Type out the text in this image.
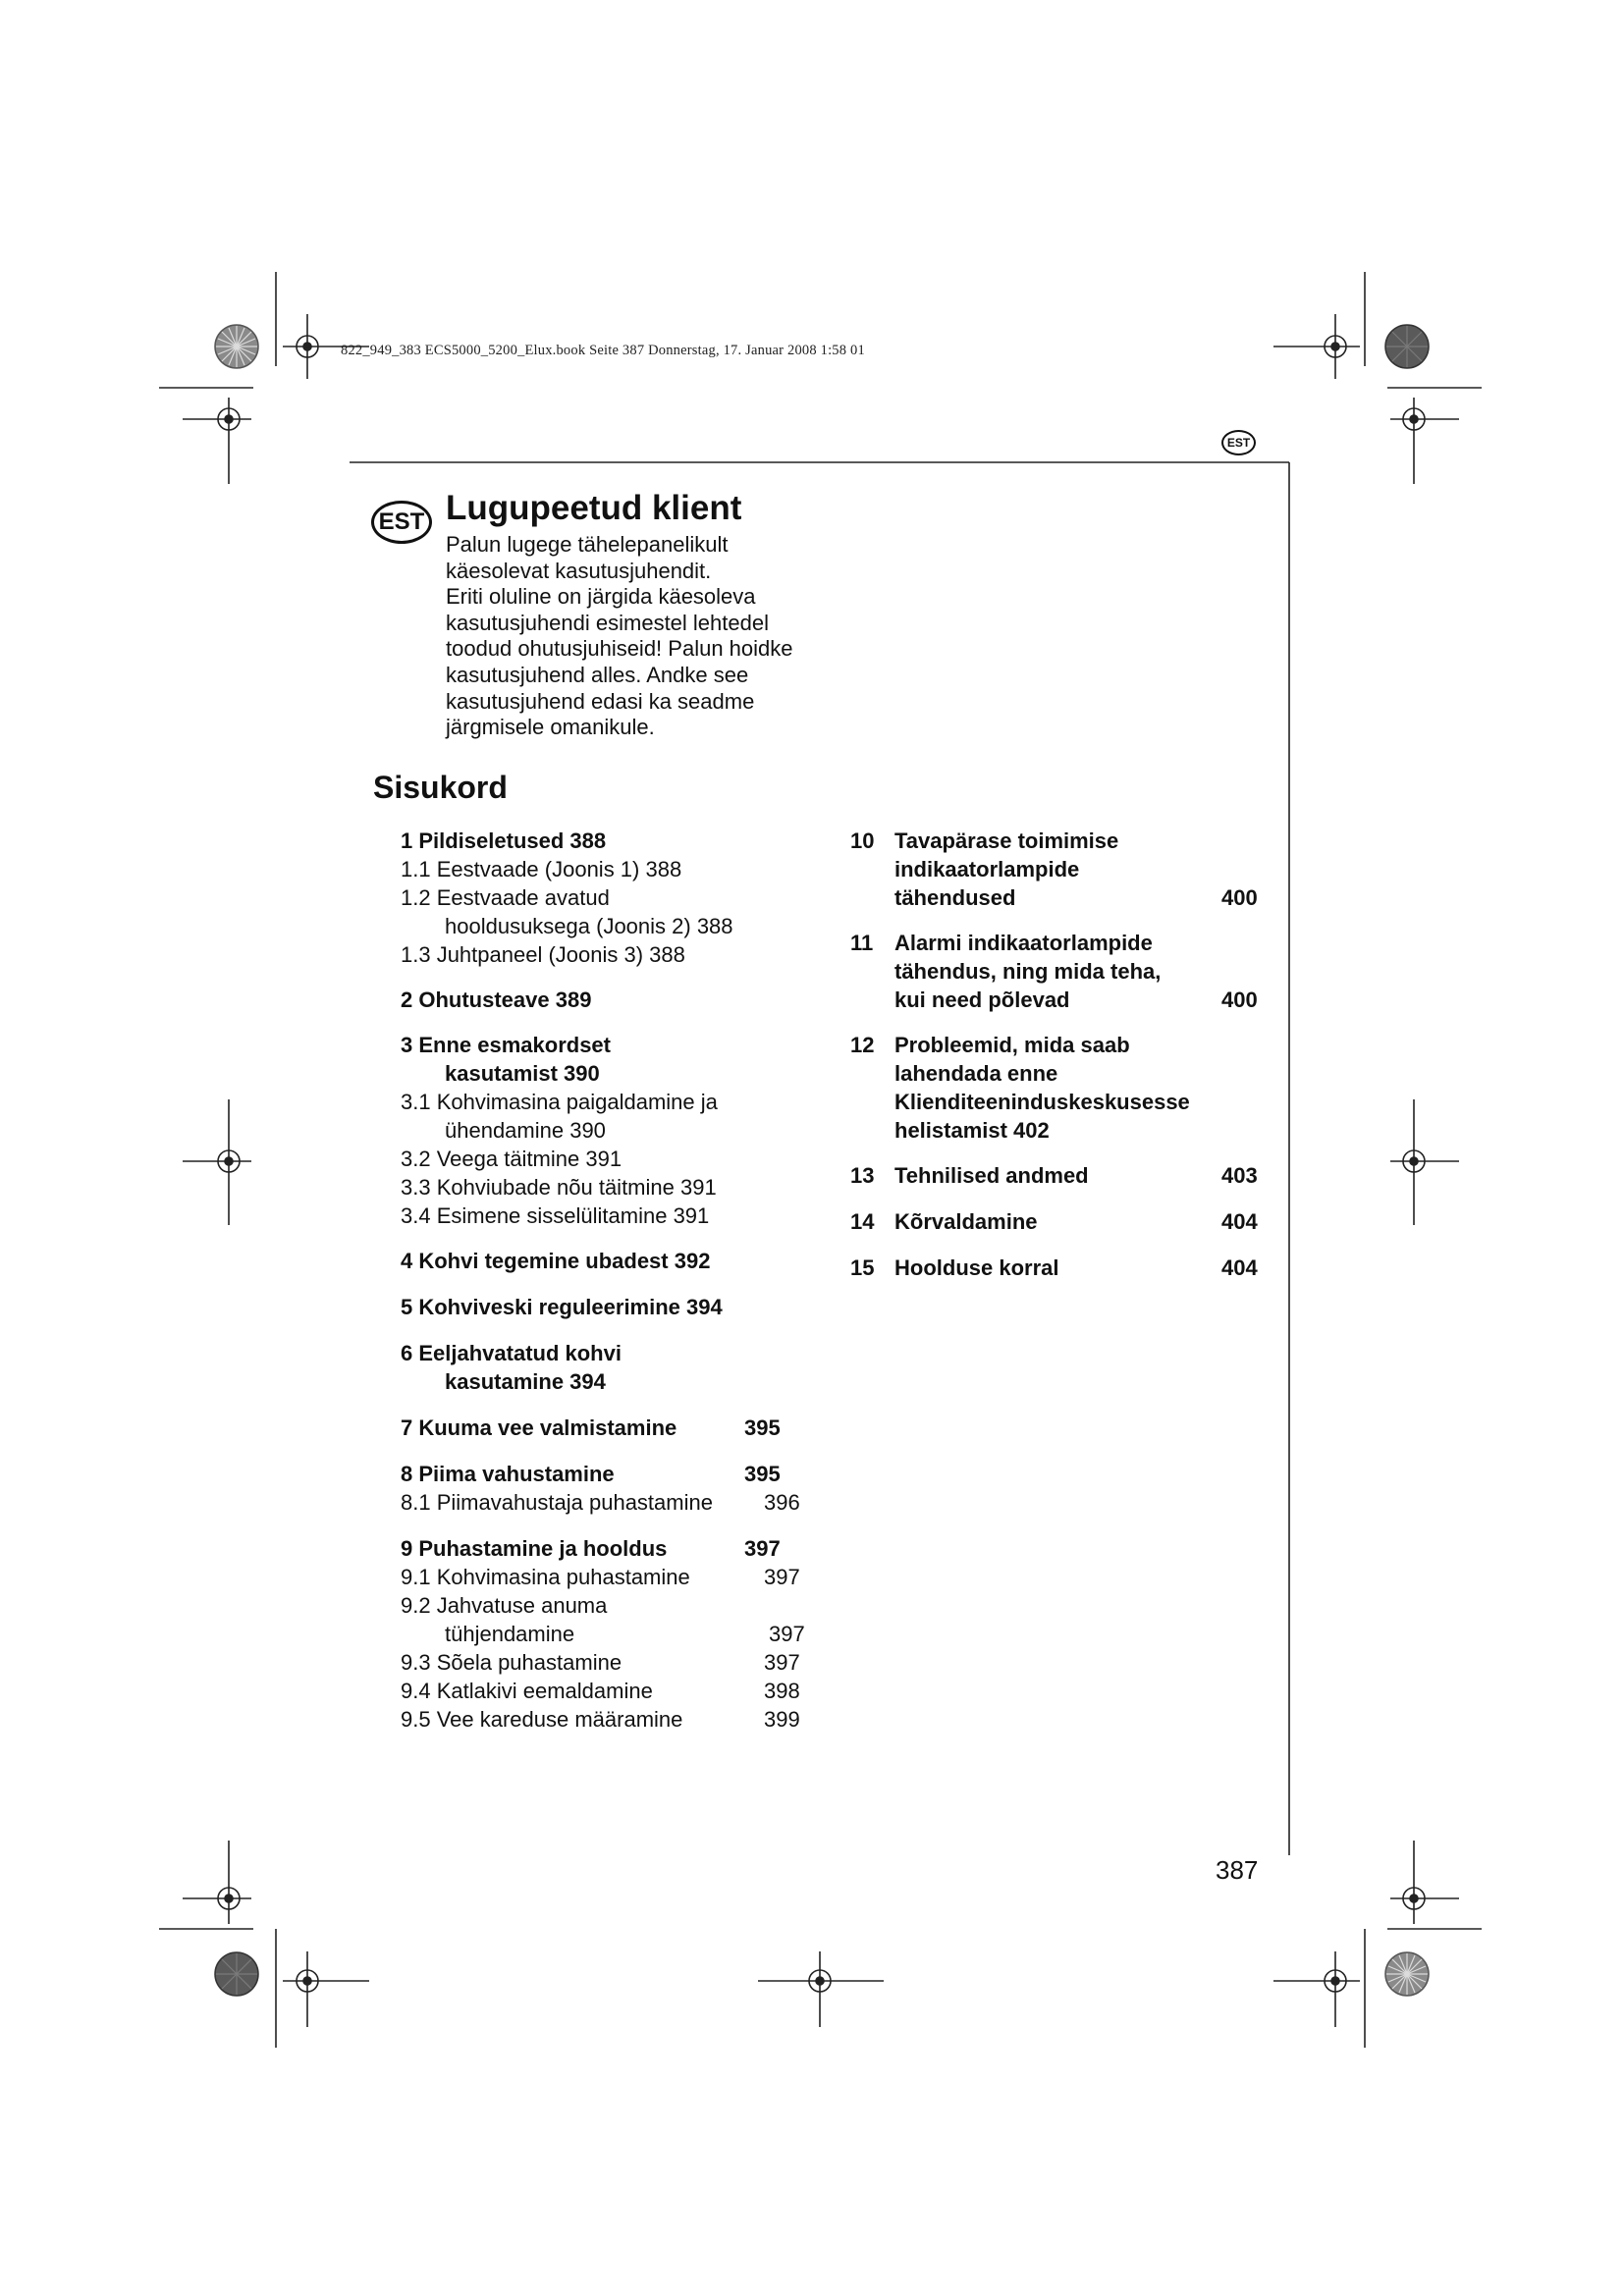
822_949_383 ECS5000_5200_Elux.book Seite 387 Donnerstag, 17. Januar 2008 1:58 01
EST
EST Lugupeetud klient

Palun lugege tähelepanelikult

käesolevat kasutusjuhendit.

Eriti oluline on järgida käesoleva

kasutusjuhendi esimestel lehtedel

toodud ohutusjuhiseid! Palun hoidke

kasutusjuhend alles. Andke see

kasutusjuhend edasi ka seadme

järgmisele omanikule.

Sisukord
1 Pildiseletused 388
1.1 Eestvaade (Joonis 1) 388
1.2 Eestvaade avatud
hooldusuksega (Joonis 2) 388
1.3 Juhtpaneel (Joonis 3) 388
2 Ohutusteave 389
3 Enne esmakordset
kasutamist 390
3.1 Kohvimasina paigaldamine ja
ühendamine 390
3.2 Veega täitmine 391
3.3 Kohviubade nõu täitmine 391
3.4 Esimene sisselülitamine 391
4 Kohvi tegemine ubadest 392
5 Kohviveski reguleerimine 394
6 Eeljahvatatud kohvi
kasutamine 394
7 Kuuma vee valmistamine	395
8 Piima vahustamine	395
8.1 Piimavahustaja puhastamine 396
9 Puhastamine ja hooldus	397
9.1 Kohvimasina puhastamine	397
9.2 Jahvatuse anuma
tühjendamine	397
9.3 Sõela puhastamine	397
9.4 Katlakivi eemaldamine	398
9.5 Vee kareduse määramine	399
10 Tavapärase toimimise
indikaatorlampide
tähendused	400
11 Alarmi indikaatorlampide
tähendus, ning mida teha,
kui need põlevad	400
12 Probleemid, mida saab
lahendada enne
Klienditeeninduskeskusesse
helistamist 402
13 Tehnilised andmed	403
14 Kõrvaldamine	404
15 Hoolduse korral	404
387
